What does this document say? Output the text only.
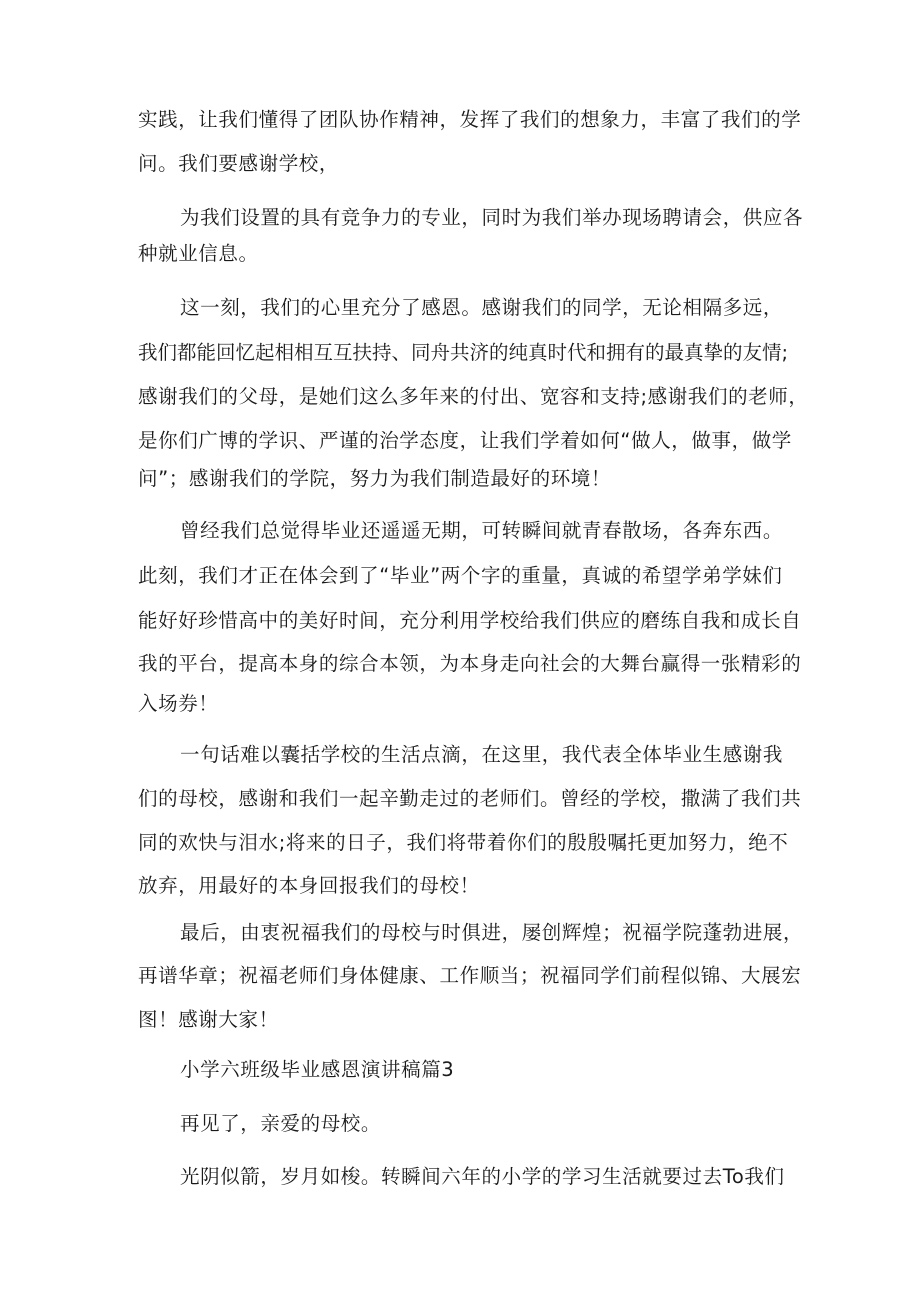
实践，让我们懂得了团队协作精神，发挥了我们的想象力，丰富了我们的学
问。我们要感谢学校，
为我们设置的具有竞争力的专业，同时为我们举办现场聘请会，供应各
种就业信息。
这一刻，我们的心里充分了感恩。感谢我们的同学，无论相隔多远，
我们都能回忆起相相互互扶持、同舟共济的纯真时代和拥有的最真挚的友情;
感谢我们的父母，是她们这么多年来的付出、宽容和支持;感谢我们的老师，
是你们广博的学识、严谨的治学态度，让我们学着如何“做人，做事，做学
问”；感谢我们的学院，努力为我们制造最好的环境！
曾经我们总觉得毕业还遥遥无期，可转瞬间就青春散场，各奔东西。
此刻，我们才正在体会到了“毕业”两个字的重量，真诚的希望学弟学妹们
能好好珍惜高中的美好时间，充分利用学校给我们供应的磨练自我和成长自
我的平台，提高本身的综合本领，为本身走向社会的大舞台赢得一张精彩的
入场券！
一句话难以囊括学校的生活点滴，在这里，我代表全体毕业生感谢我
们的母校，感谢和我们一起辛勤走过的老师们。曾经的学校，撒满了我们共
同的欢快与泪水;将来的日子，我们将带着你们的殷殷嘱托更加努力，绝不
放弃，用最好的本身回报我们的母校！
最后，由衷祝福我们的母校与时俱进，屡创辉煌；祝福学院蓬勃进展，
再谱华章；祝福老师们身体健康、工作顺当；祝福同学们前程似锦、大展宏
图！感谢大家！
小学六班级毕业感恩演讲稿篇3
再见了，亲爱的母校。
光阴似箭，岁月如梭。转瞬间六年的小学的学习生活就要过去To我们
